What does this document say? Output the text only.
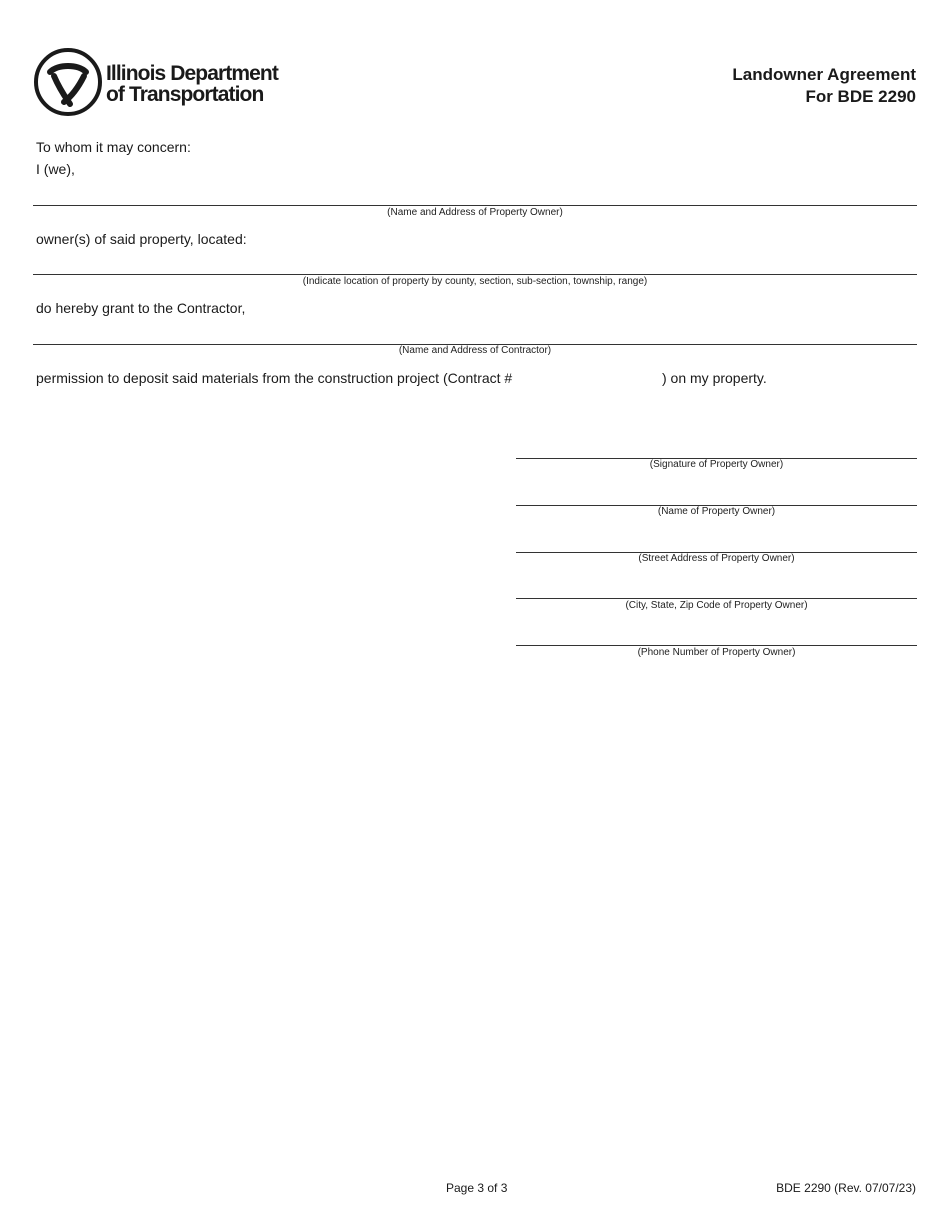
Illinois Department
of Transportation
Landowner Agreement
For BDE 2290
To whom it may concern:
I (we),
(Name and Address of Property Owner)
owner(s) of said property, located:
(Indicate location of property by county, section, sub-section, township, range)
do hereby grant to the Contractor,
(Name and Address of Contractor)
permission to deposit said materials from the construction project (Contract #	) on my property.
(Signature of Property Owner)
(Name of Property Owner)
(Street Address of Property Owner)
(City, State, Zip Code of Property Owner)
(Phone Number of Property Owner)
Page 3 of 3	BDE 2290 (Rev. 07/07/23)
